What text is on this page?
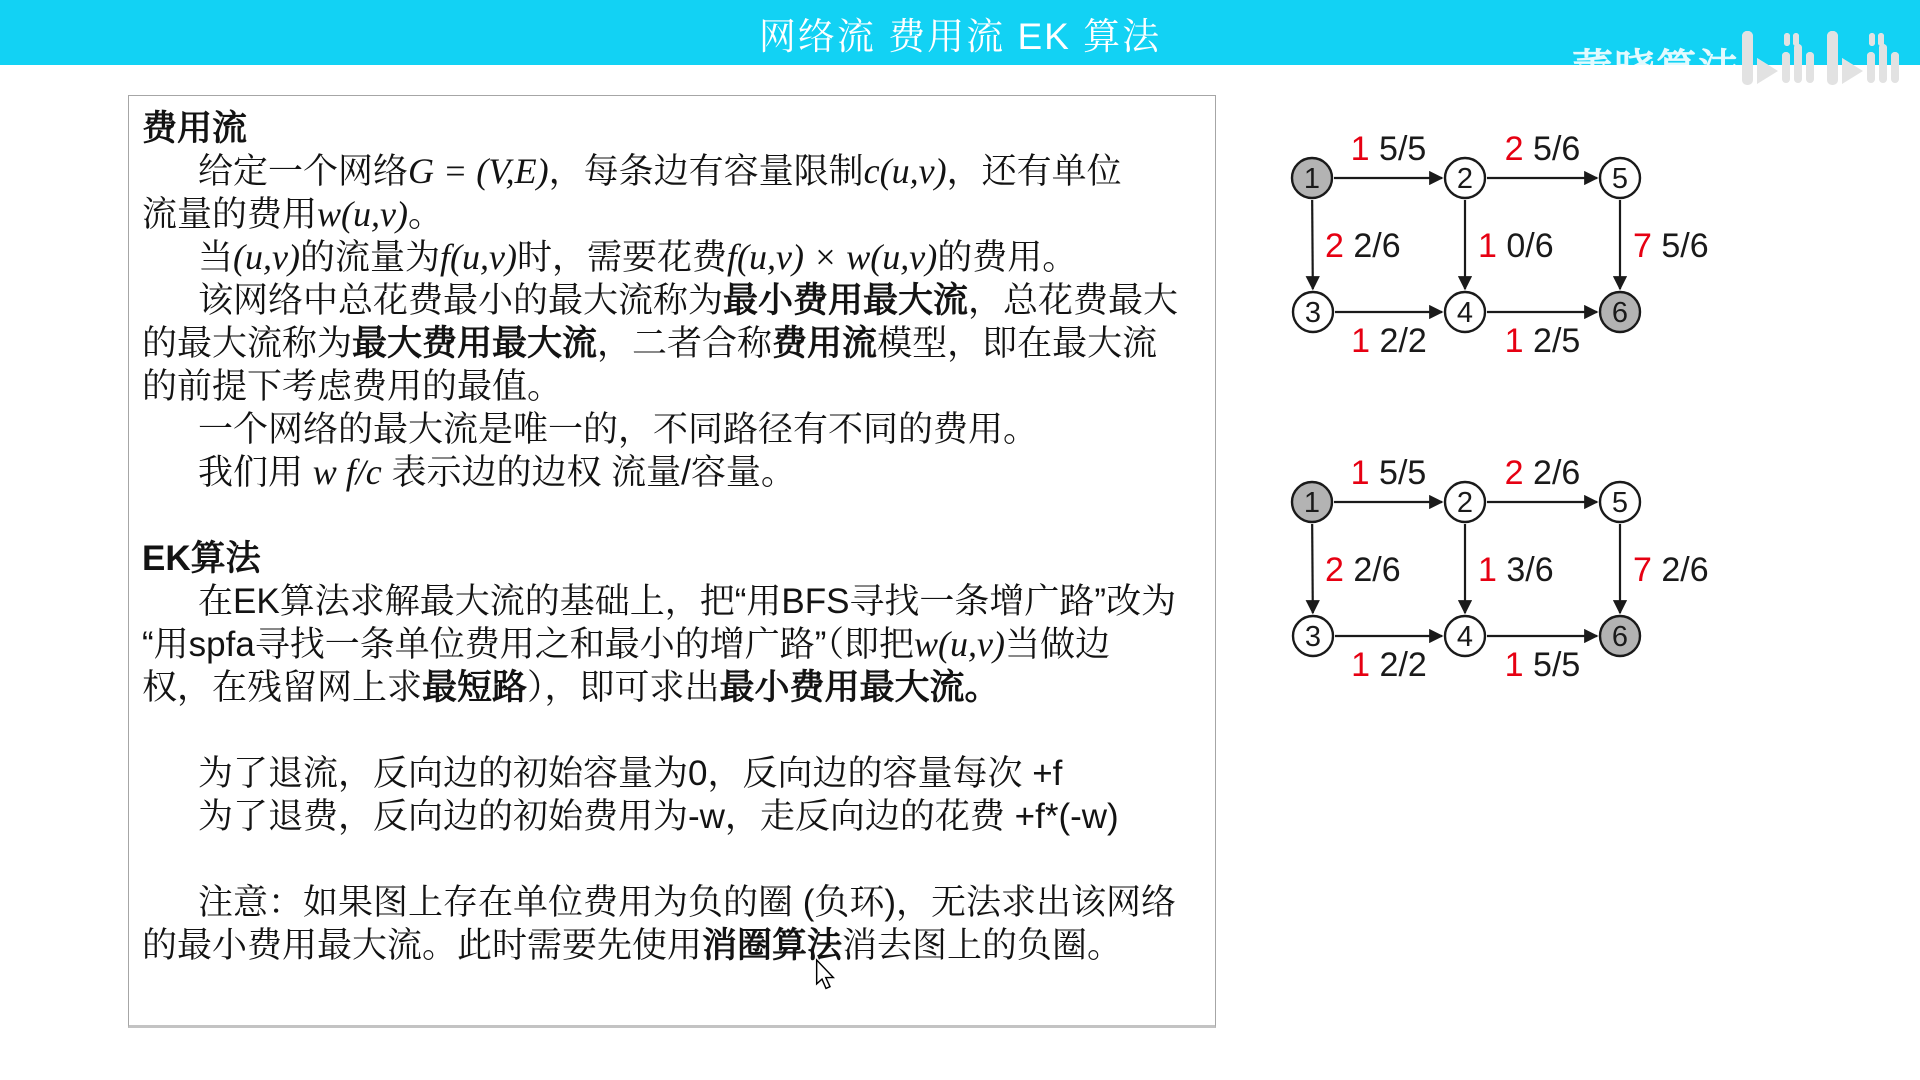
网络流 费用流 EK 算法
董晓算法

费用流

给定一个网络G = (V,E)，每条边有容量限制c(u,v)，还有单位

流量的费用w(u,v)。

当(u,v)的流量为f(u,v)时，需要花费f(u,v) × w(u,v)的费用。

该网络中总花费最小的最大流称为最小费用最大流，总花费最大

的最大流称为最大费用最大流，二者合称费用流模型，即在最大流

的前提下考虑费用的最值。

一个网络的最大流是唯一的，不同路径有不同的费用。

我们用 w f/c 表示边的边权 流量/容量。

EK算法

在EK算法求解最大流的基础上，把“用BFS寻找一条增广路”改为

“用spfa寻找一条单位费用之和最小的增广路”（即把w(u,v)当做边

权，在残留网上求最短路），即可求出最小费用最大流。

为了退流，反向边的初始容量为0，反向边的容量每次 +f

为了退费，反向边的初始费用为-w，走反向边的花费 +f*(-w)

注意：如果图上存在单位费用为负的圈 (负环)，无法求出该网络

的最小费用最大流。此时需要先使用消圈算法消去图上的负圈。

1 5/5 2 5/6
2 2/6 1 0/6 7 5/6
1 2/2 1 2/5
1	2	5
3	4	6
1 5/5 2 2/6
2 2/6 1 3/6 7 2/6
1 2/2 1 5/5
1	2	5
3	4	6
